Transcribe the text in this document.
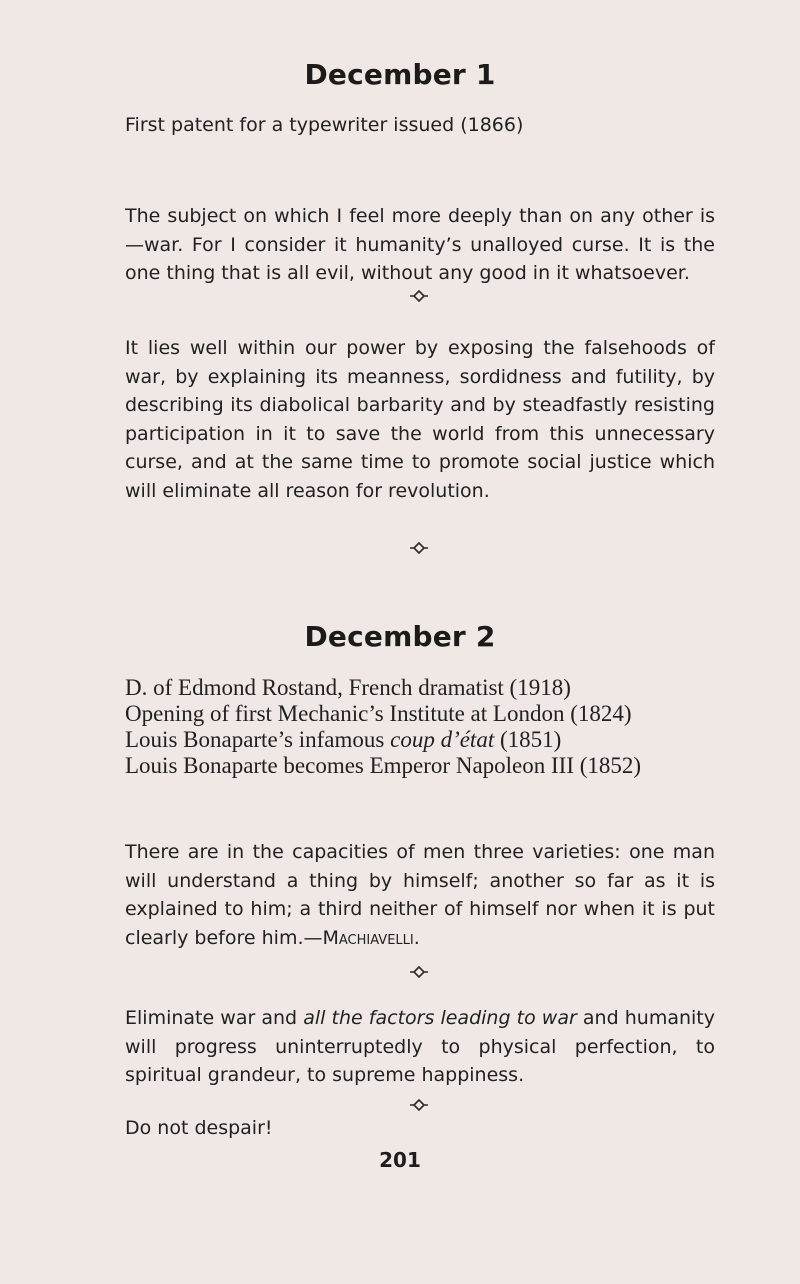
December 1
First patent for a typewriter issued (1866)
The subject on which I feel more deeply than on any other is—war. For I consider it humanity’s unalloyed curse. It is the one thing that is all evil, without any good in it whatsoever.
It lies well within our power by exposing the falsehoods of war, by explaining its meanness, sordidness and futility, by describing its diabolical barbarity and by steadfastly resisting participation in it to save the world from this unnecessary curse, and at the same time to promote social justice which will eliminate all reason for revolution.
December 2
D. of Edmond Rostand, French dramatist (1918)
Opening of first Mechanic’s Institute at London (1824)
Louis Bonaparte’s infamous coup d’état (1851)
Louis Bonaparte becomes Emperor Napoleon III (1852)
There are in the capacities of men three varieties: one man will understand a thing by himself; another so far as it is explained to him; a third neither of himself nor when it is put clearly before him.—Machiavelli.
Eliminate war and all the factors leading to war and humanity will progress uninterruptedly to physical perfection, to spiritual grandeur, to supreme happiness.
Do not despair!
201
